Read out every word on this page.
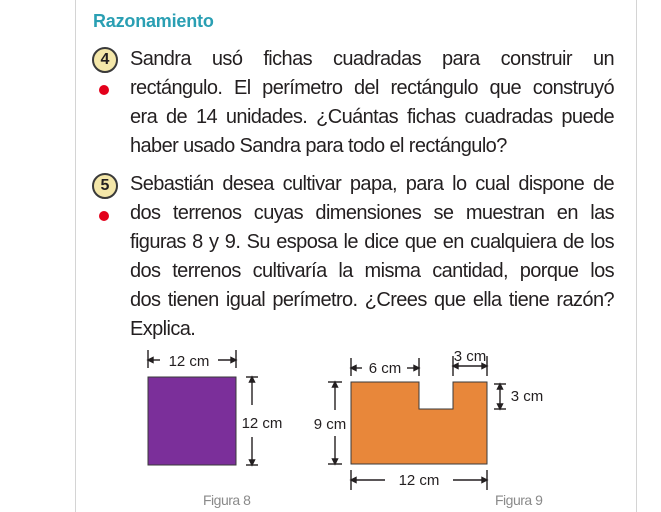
Razonamiento
4	Sandra usó fichas cuadradas para construir un
rectángulo. El perímetro del rectángulo que construyó
era de 14 unidades. ¿Cuántas fichas cuadradas puede
haber usado Sandra para todo el rectángulo?
5	Sebastián desea cultivar papa, para lo cual dispone de
dos terrenos cuyas dimensiones se muestran en las
figuras 8 y 9. Su esposa le dice que en cualquiera de los
dos terrenos cultivaría la misma cantidad, porque los
dos tienen igual perímetro. ¿Crees que ella tiene razón?
Explica.
12 cm
12 cm
6 cm
3 cm
3 cm
9 cm
12 cm
Figura 8	Figura 9
